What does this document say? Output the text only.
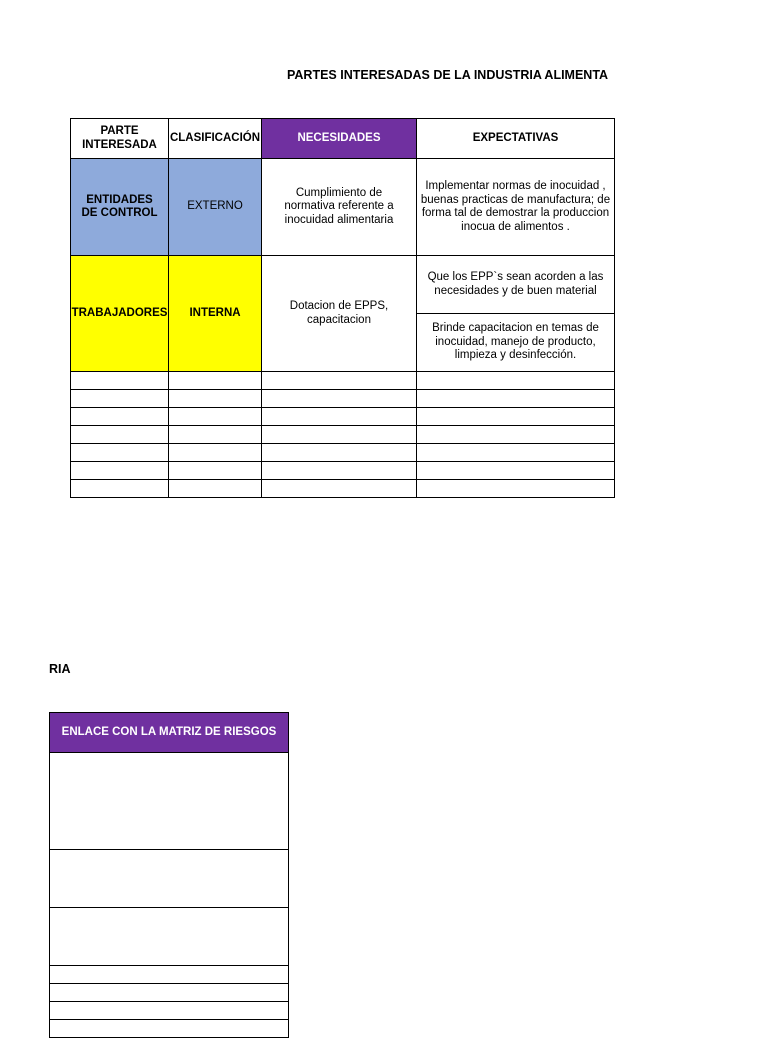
PARTES INTERESADAS DE LA INDUSTRIA ALIMENTA
PARTE INTERESADA	CLASIFICACIÓN	NECESIDADES	EXPECTATIVAS
ENTIDADES DE CONTROL	EXTERNO	Cumplimiento de normativa referente a inocuidad alimentaria	Implementar normas de inocuidad , buenas practicas de manufactura; de forma tal de demostrar la produccion inocua de alimentos .
TRABAJADORES	INTERNA	Dotacion de EPPS, capacitacion	Que los EPP`s sean acorden a las necesidades y de buen material
			Brinde capacitacion en temas de inocuidad, manejo de producto, limpieza y desinfección.

RIA
ENLACE CON LA MATRIZ DE RIESGOS
